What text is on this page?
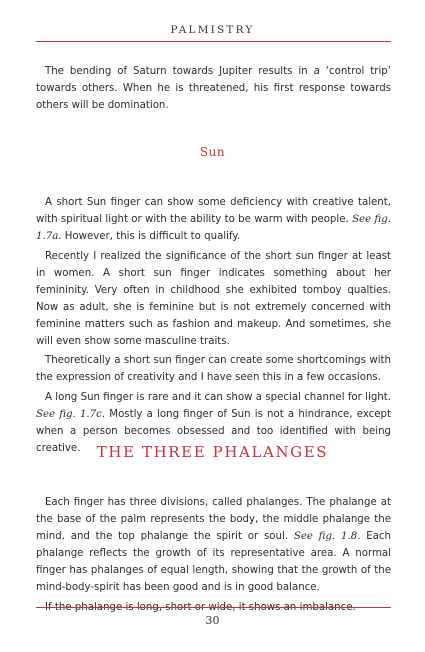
PALMISTRY

The bending of Saturn towards Jupiter results in a ‘control trip’ towards others. When he is threatened, his first response towards others will be domination.

Sun

A short Sun finger can show some deficiency with creative talent, with spiritual light or with the ability to be warm with people. See fig. 1.7a. However, this is difficult to qualify.

Recently I realized the significance of the short sun finger at least in women. A short sun finger indicates something about her femininity. Very often in childhood she exhibited tomboy qualties. Now as adult, she is feminine but is not extremely concerned with feminine matters such as fashion and makeup. And sometimes, she will even show some masculine traits.

Theoretically a short sun finger can create some shortcomings with the expression of creativity and I have seen this in a few occasions.

A long Sun finger is rare and it can show a special channel for light. See fig. 1.7c. Mostly a long finger of Sun is not a hindrance, except when a person becomes obsessed and too identified with being creative.	THE THREE PHALANGES

Each finger has three divisions, called phalanges. The phalange at the base of the palm represents the body, the middle phalange the mind, and the top phalange the spirit or soul. See fig. 1.8. Each phalange reflects the growth of its representative area. A normal finger has phalanges of equal length, showing that the growth of the mind-body-spirit has been good and is in good balance.

If the phalange is long, short or wide, it shows an imbalance.

30
